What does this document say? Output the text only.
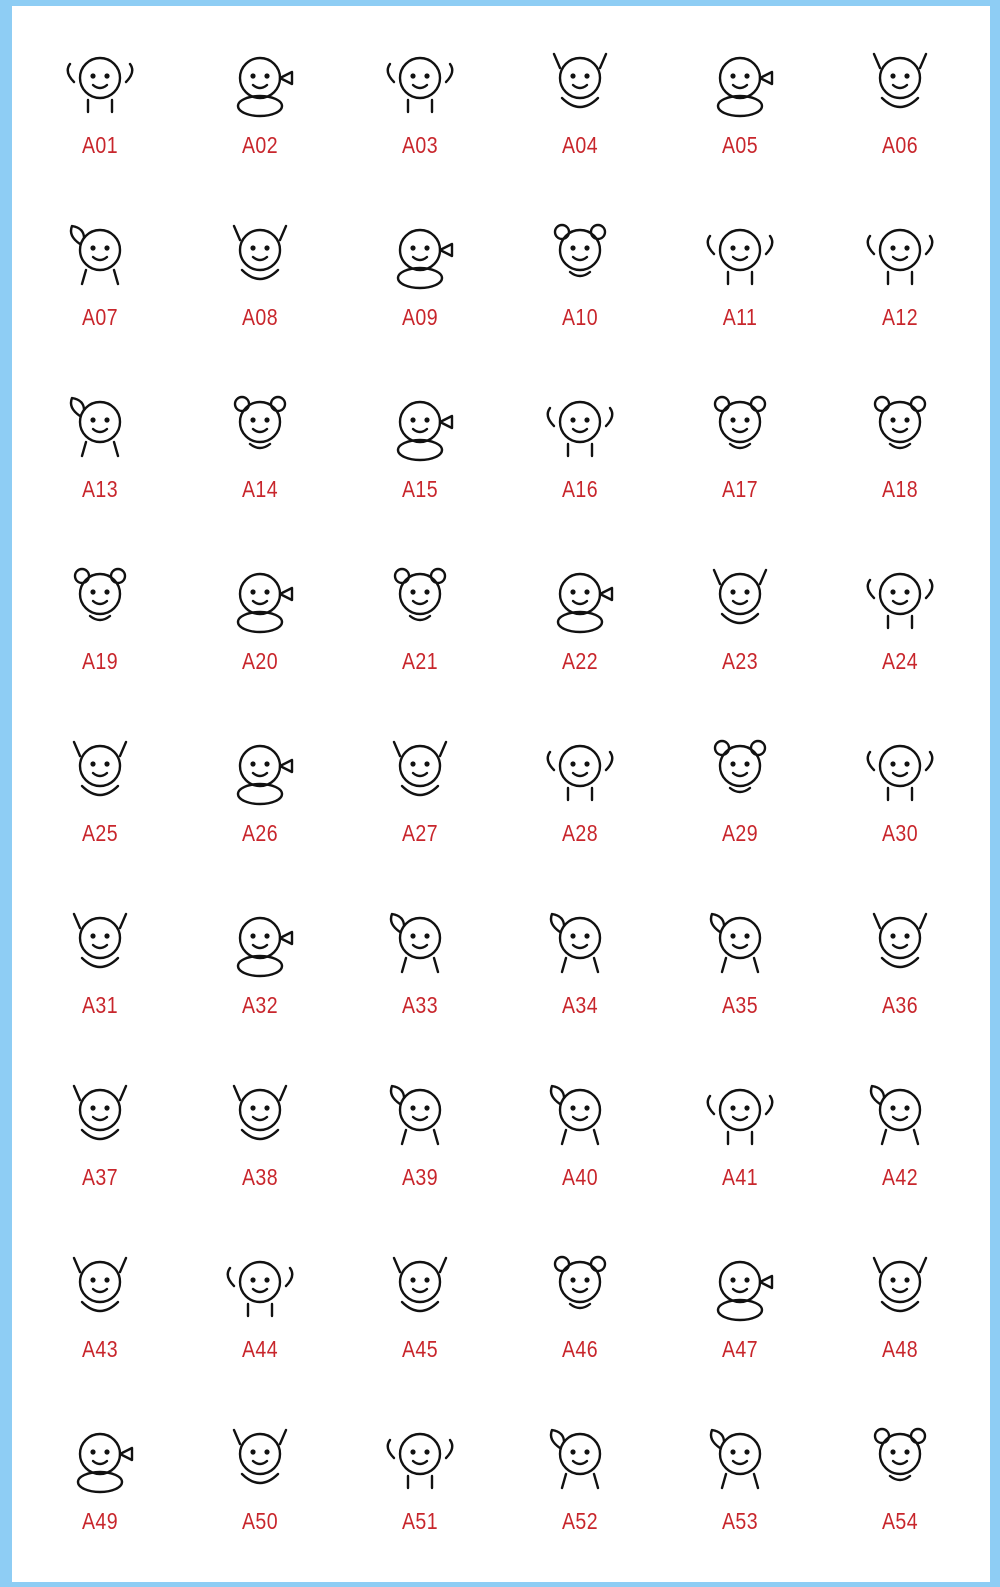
A01	A02	A03	A04	A05	A06
A07	A08	A09	A10	A11	A12
A13	A14	A15	A16	A17	A18
A19	A20	A21	A22	A23	A24
A25	A26	A27	A28	A29	A30
A31	A32	A33	A34	A35	A36
A37	A38	A39	A40	A41	A42
A43	A44	A45	A46	A47	A48
A49	A50	A51	A52	A53	A54
